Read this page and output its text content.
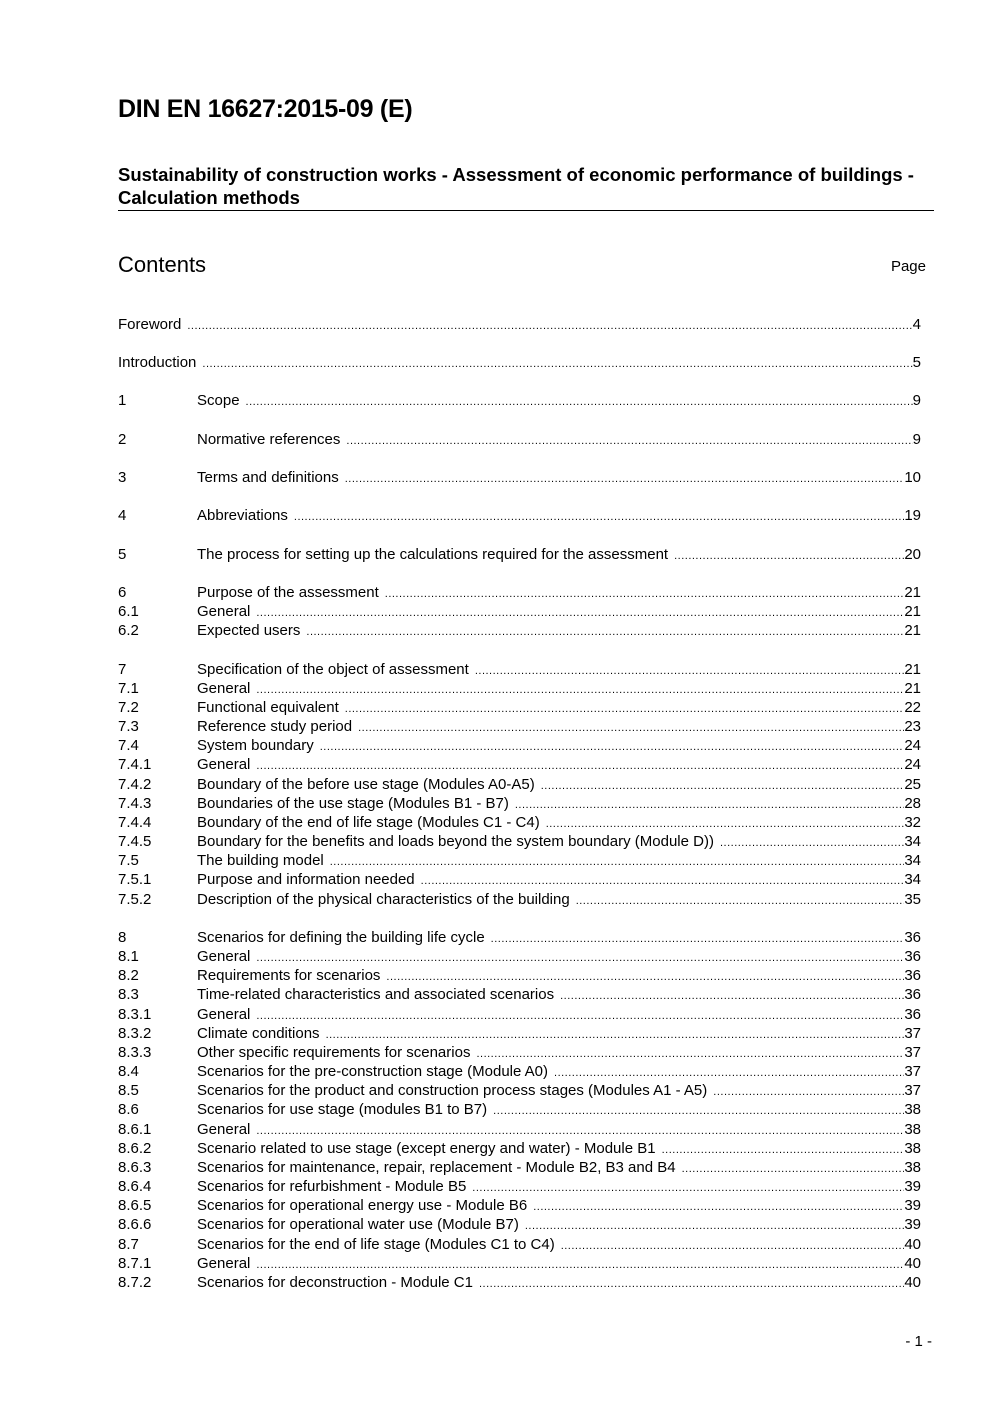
DIN EN 16627:2015-09 (E)
Sustainability of construction works - Assessment of economic performance of buildings - Calculation methods
Contents	Page
Foreword .....	4
Introduction .....	5
1	Scope .....	9
2	Normative references .....	9
3	Terms and definitions .....	10
4	Abbreviations .....	19
5	The process for setting up the calculations required for the assessment .....	20
6	Purpose of the assessment .....	21
6.1	General .....	21
6.2	Expected users .....	21
7	Specification of the object of assessment .....	21
7.1	General .....	21
7.2	Functional equivalent .....	22
7.3	Reference study period .....	23
7.4	System boundary .....	24
7.4.1	General .....	24
7.4.2	Boundary of the before use stage (Modules A0-A5) .....	25
7.4.3	Boundaries of the use stage (Modules B1 - B7) .....	28
7.4.4	Boundary of the end of life stage (Modules C1 - C4) .....	32
7.4.5	Boundary for the benefits and loads beyond the system boundary (Module D)) .....	34
7.5	The building model .....	34
7.5.1	Purpose and information needed .....	34
7.5.2	Description of the physical characteristics of the building .....	35
8	Scenarios for defining the building life cycle .....	36
8.1	General .....	36
8.2	Requirements for scenarios .....	36
8.3	Time-related characteristics and associated scenarios .....	36
8.3.1	General .....	36
8.3.2	Climate conditions .....	37
8.3.3	Other specific requirements for scenarios .....	37
8.4	Scenarios for the pre-construction stage (Module A0) .....	37
8.5	Scenarios for the product and construction process stages (Modules A1 - A5) .....	37
8.6	Scenarios for use stage (modules B1 to B7) .....	38
8.6.1	General .....	38
8.6.2	Scenario related to use stage (except energy and water) - Module B1 .....	38
8.6.3	Scenarios for maintenance, repair, replacement - Module B2, B3 and B4 .....	38
8.6.4	Scenarios for refurbishment - Module B5 .....	39
8.6.5	Scenarios for operational energy use - Module B6 .....	39
8.6.6	Scenarios for operational water use (Module B7) .....	39
8.7	Scenarios for the end of life stage (Modules C1 to C4) .....	40
8.7.1	General .....	40
8.7.2	Scenarios for deconstruction - Module C1 .....	40
- 1 -
